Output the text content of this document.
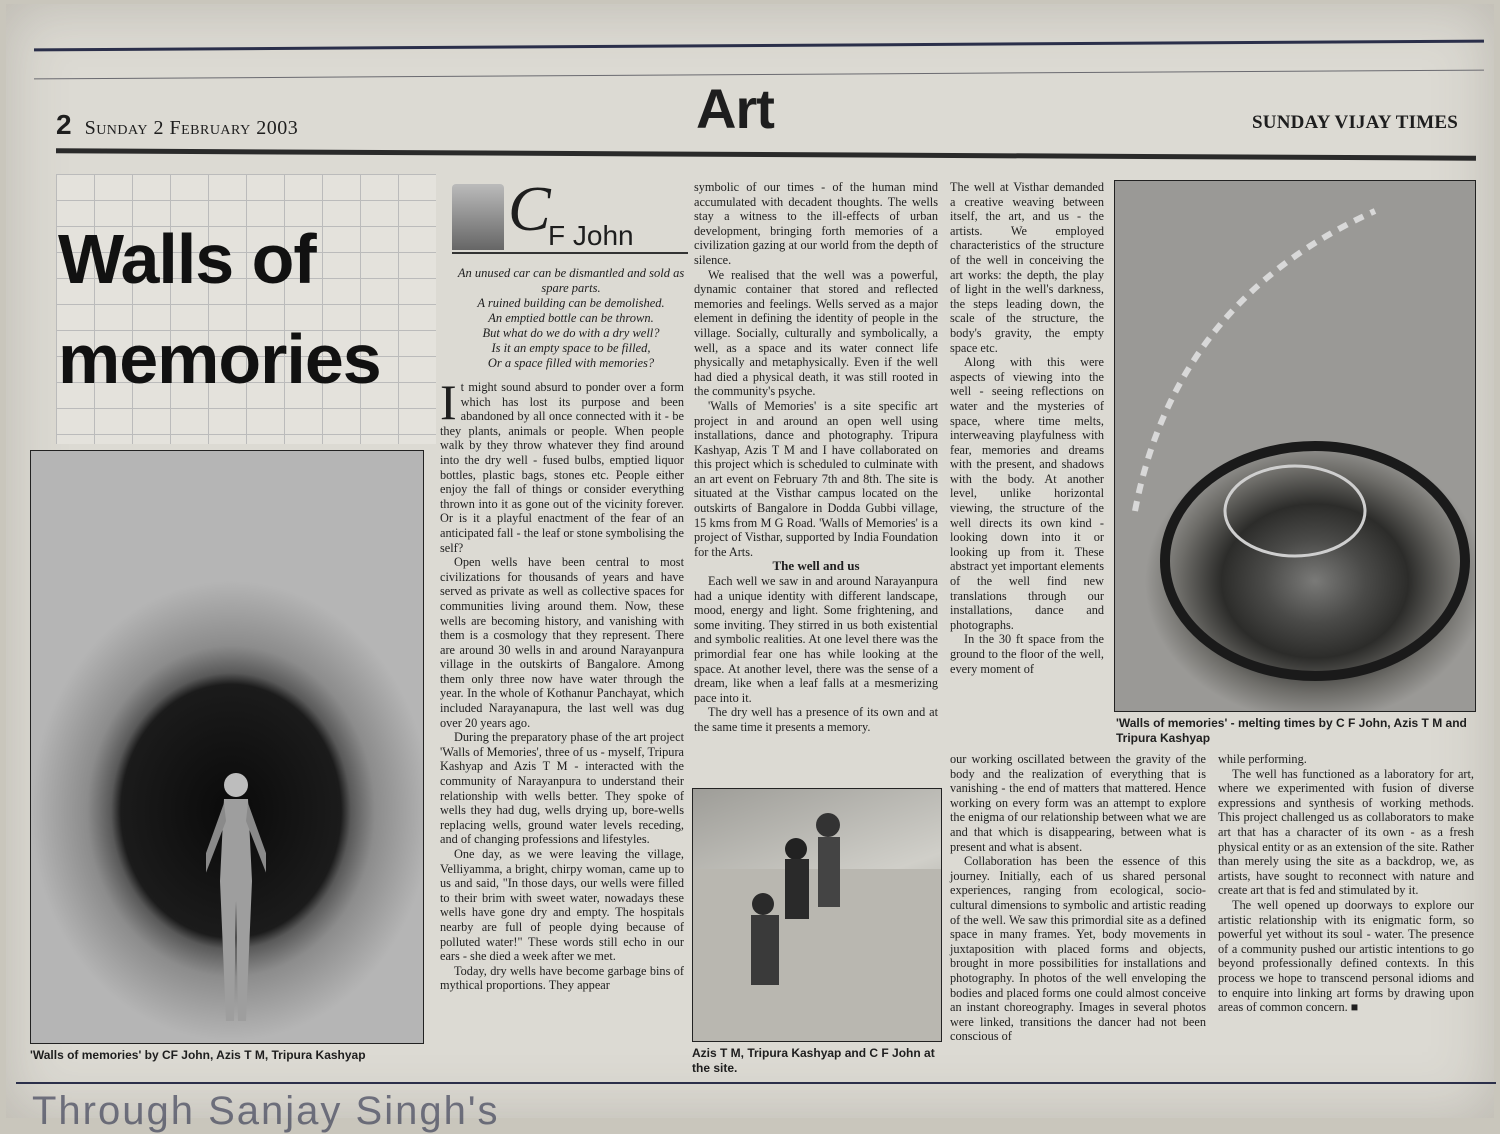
2 Sunday 2 February 2003	Art	SUNDAY VIJAY TIMES
Walls of
memories
'Walls of memories' by CF John, Azis T M, Tripura Kashyap
C
F John
An unused car can be dismantled and sold as spare parts.
A ruined building can be demolished.
An emptied bottle can be thrown.
But what do we do with a dry well?
Is it an empty space to be filled,
Or a space filled with memories?

It might sound absurd to ponder over a form which has lost its purpose and been abandoned by all once connected with it - be they plants, animals or people. When people walk by they throw whatever they find around into the dry well - fused bulbs, emptied liquor bottles, plastic bags, stones etc. People either enjoy the fall of things or consider everything thrown into it as gone out of the vicinity forever. Or is it a playful enactment of the fear of an anticipated fall - the leaf or stone symbolising the self?

Open wells have been central to most civilizations for thousands of years and have served as private as well as collective spaces for communities living around them. Now, these wells are becoming history, and vanishing with them is a cosmology that they represent. There are around 30 wells in and around Narayanpura village in the outskirts of Bangalore. Among them only three now have water through the year. In the whole of Kothanur Panchayat, which included Narayanapura, the last well was dug over 20 years ago.

During the preparatory phase of the art project 'Walls of Memories', three of us - myself, Tripura Kashyap and Azis T M - interacted with the community of Narayanpura to understand their relationship with wells better. They spoke of wells they had dug, wells drying up, bore-wells replacing wells, ground water levels receding, and of changing professions and lifestyles.

One day, as we were leaving the village, Velliyamma, a bright, chirpy woman, came up to us and said, "In those days, our wells were filled to their brim with sweet water, nowadays these wells have gone dry and empty. The hospitals nearby are full of people dying because of polluted water!" These words still echo in our ears - she died a week after we met.

Today, dry wells have become garbage bins of mythical proportions. They appear

symbolic of our times - of the human mind accumulated with decadent thoughts. The wells stay a witness to the ill-effects of urban development, bringing forth memories of a civilization gazing at our world from the depth of silence.

We realised that the well was a powerful, dynamic container that stored and reflected memories and feelings. Wells served as a major element in defining the identity of people in the village. Socially, culturally and symbolically, a well, as a space and its water connect life physically and metaphysically. Even if the well had died a physical death, it was still rooted in the community's psyche.

'Walls of Memories' is a site specific art project in and around an open well using installations, dance and photography. Tripura Kashyap, Azis T M and I have collaborated on this project which is scheduled to culminate with an art event on February 7th and 8th. The site is situated at the Visthar campus located on the outskirts of Bangalore in Dodda Gubbi village, 15 kms from M G Road. 'Walls of Memories' is a project of Visthar, supported by India Foundation for the Arts.

The well and us

Each well we saw in and around Narayanpura had a unique identity with different landscape, mood, energy and light. Some frightening, and some inviting. They stirred in us both existential and symbolic realities. At one level there was the primordial fear one has while looking at the space. At another level, there was the sense of a dream, like when a leaf falls at a mesmerizing pace into it.

The dry well has a presence of its own and at the same time it presents a memory.

Azis T M, Tripura Kashyap and C F John at the site.

The well at Visthar demanded a creative weaving between itself, the art, and us - the artists. We employed characteristics of the structure of the well in conceiving the art works: the depth, the play of light in the well's darkness, the steps leading down, the scale of the structure, the body's gravity, the empty space etc.

Along with this were aspects of viewing into the well - seeing reflections on water and the mysteries of space, where time melts, interweaving playfulness with fear, memories and dreams with the present, and shadows with the body. At another level, unlike horizontal viewing, the structure of the well directs its own kind - looking down into it or looking up from it. These abstract yet important elements of the well find new translations through our installations, dance and photographs.

In the 30 ft space from the ground to the floor of the well, every moment of

'Walls of memories' - melting times by C F John, Azis T M and Tripura Kashyap

our working oscillated between the gravity of the body and the realization of everything that is vanishing - the end of matters that mattered. Hence working on every form was an attempt to explore the enigma of our relationship between what we are and that which is disappearing, between what is present and what is absent.

Collaboration has been the essence of this journey. Initially, each of us shared personal experiences, ranging from ecological, socio-cultural dimensions to symbolic and artistic reading of the well. We saw this primordial site as a defined space in many frames. Yet, body movements in juxtaposition with placed forms and objects, brought in more possibilities for installations and photography. In photos of the well enveloping the bodies and placed forms one could almost conceive an instant choreography. Images in several photos were linked, transitions the dancer had not been conscious of

while performing.

The well has functioned as a laboratory for art, where we experimented with fusion of diverse expressions and synthesis of working methods. This project challenged us as collaborators to make art that has a character of its own - as a fresh physical entity or as an extension of the site. Rather than merely using the site as a backdrop, we, as artists, have sought to reconnect with nature and create art that is fed and stimulated by it.

The well opened up doorways to explore our artistic relationship with its enigmatic form, so powerful yet without its soul - water. The presence of a community pushed our artistic intentions to go beyond professionally defined contexts. In this process we hope to transcend personal idioms and to enquire into linking art forms by drawing upon areas of common concern. ■

Through Sanjay Singh's
